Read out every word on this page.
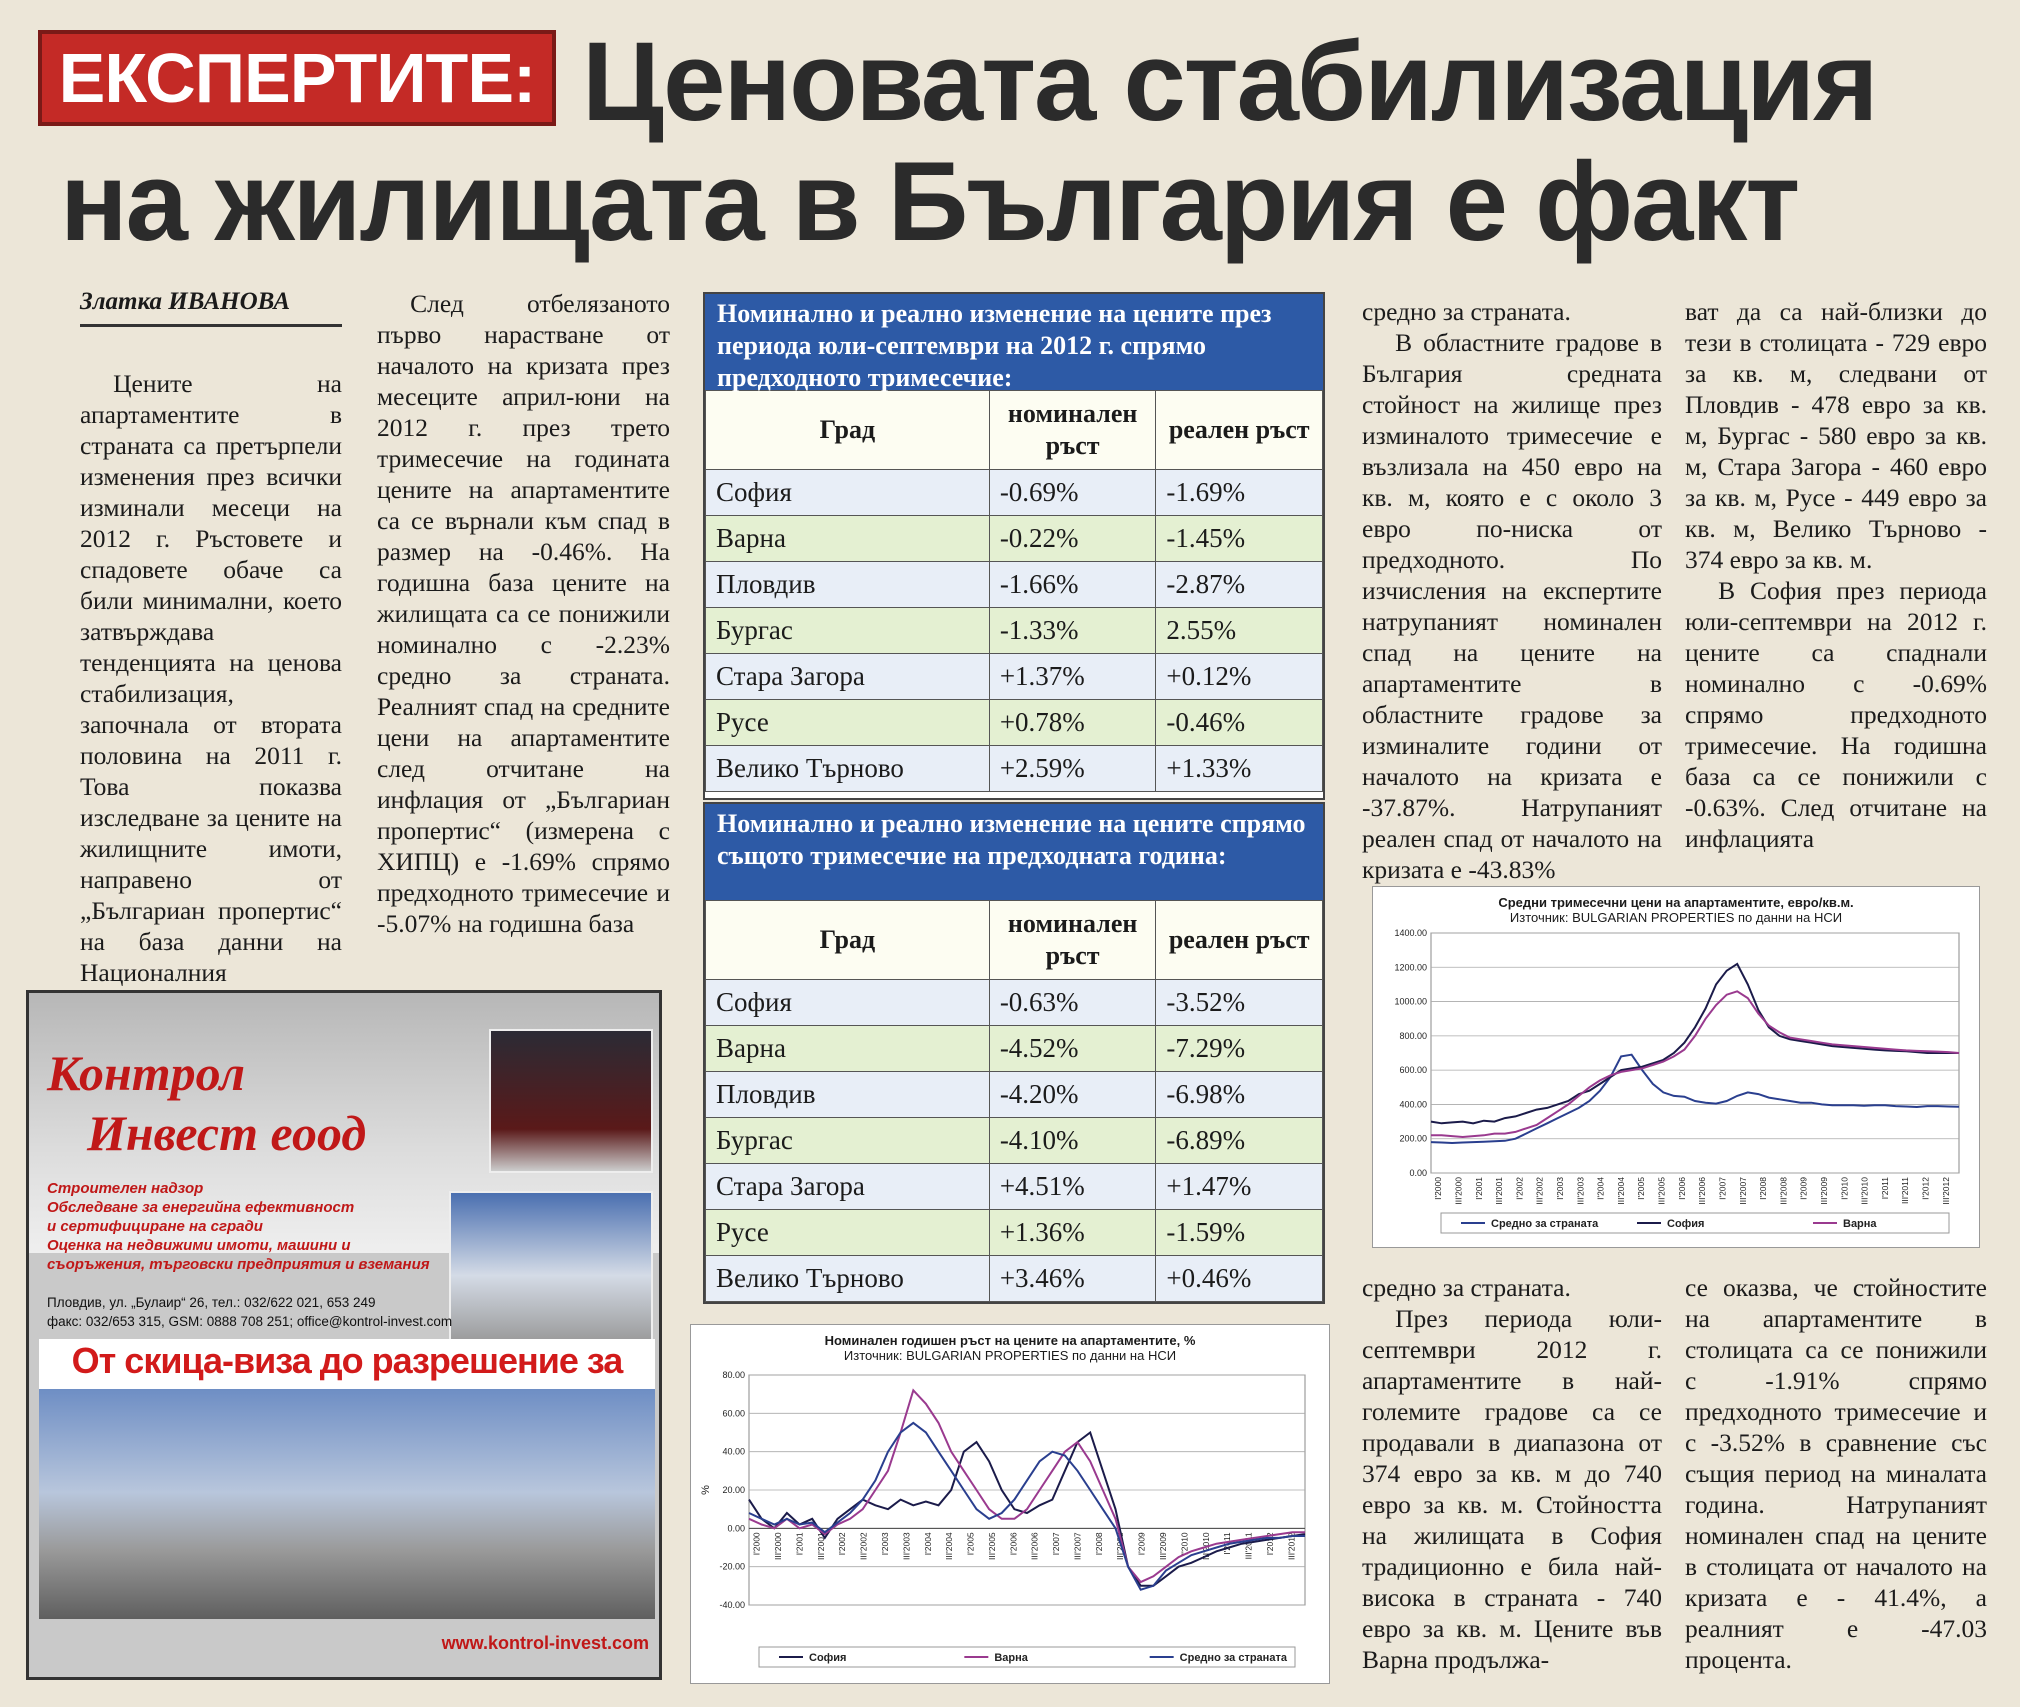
ЕКСПЕРТИТЕ: Ценовата стабилизация
на жилищата в България е факт
Златка ИВАНОВА

Цените на апартаментите в страната са претърпели изменения през всички изминали месеци на 2012 г. Ръстовете и спадовете обаче са били минимални, което затвърждава тенденцията на ценова стабилизация, започнала от втората половина на 2011 г. Това показва изследване за цените на жилищните имоти, направено от „Българиан пропертис“ на база данни на Националния

След отбелязаното първо нарастване от началото на кризата през месеците април-юни на 2012 г. през трето тримесечие на годината цените на апартаментите са се върнали към спад в размер на -0.46%. На годишна база цените на жилищата са се понижили номинално с -2.23% средно за страната. Реалният спад на средните цени на апартаментите след отчитане на инфлация от „Българиан пропертис“ (измерена с ХИПЦ) е -1.69% спрямо предходното тримесечие и -5.07% на годишна база

средно за страната.

В областните градове в България средната стойност на жилище през изминалото тримесечие е възлизала на 450 евро на кв. м, която е с около 3 евро по-ниска от предходното. По изчисления на експертите натрупаният номинален спад на цените на апартаментите в областните градове за изминалите години от началото на кризата е -37.87%. Натрупаният реален спад от началото на кризата е -43.83%

ват да са най-близки до тези в столицата - 729 евро за кв. м, следвани от Пловдив - 478 евро за кв. м, Бургас - 580 евро за кв. м, Стара Загора - 460 евро за кв. м, Русе - 449 евро за кв. м, Велико Търново - 374 евро за кв. м.

В София през периода юли-септември на 2012 г. цените са спаднали номинално с -0.69% спрямо предходното тримесечие. На годишна база са се понижили с -0.63%. След отчитане на инфлацията

средно за страната.

През периода юли-септември 2012 г. апартаментите в най-големите градове са се продавали в диапазона от 374 евро за кв. м до 740 евро за кв. м. Стойността на жилищата в София традиционно е била най-висока в страната - 740 евро за кв. м. Цените във Варна продължа-

се оказва, че стойностите на апартаментите в столицата са се понижили с -1.91% спрямо предходното тримесечие и с -3.52% в сравнение със същия период на миналата година. Натрупаният номинален спад на цените в столицата от началото на кризата е - 41.4%, а реалният е -47.03 процента.

Номинално и реално изменение на цените през периода юли-септември на 2012 г. спрямо предходното тримесечие:
Град	номинален ръст	реален ръст
София	-0.69%	-1.69%
Варна	-0.22%	-1.45%
Пловдив	-1.66%	-2.87%
Бургас	-1.33%	2.55%
Стара Загора	+1.37%	+0.12%
Русе	+0.78%	-0.46%
Велико Търново	+2.59%	+1.33%
Номинално и реално изменение на цените спрямо същото тримесечие на предходната година:
Град	номинален ръст	реален ръст
София	-0.63%	-3.52%
Варна	-4.52%	-7.29%
Пловдив	-4.20%	-6.98%
Бургас	-4.10%	-6.89%
Стара Загора	+4.51%	+1.47%
Русе	+1.36%	-1.59%
Велико Търново	+3.46%	+0.46%
Средни тримесечни цени на апартаментите, евро/кв.м.
Източник: BULGARIAN PROPERTIES по данни на НСИ
0.00
200.00
400.00
600.00
800.00
1000.00
1200.00
1400.00
I'2000 III'2000 I'2001 III'2001 I'2002 III'2002 I'2003 III'2003 I'2004 III'2004 I'2005 III'2005 I'2006 III'2006 I'2007 III'2007 I'2008 III'2008 I'2009 III'2009 I'2010 III'2010 I'2011 III'2011 I'2012 III'2012
Средно за страната	София	Варна
Номинален годишен ръст на цените на апартаментите, %
Източник: BULGARIAN PROPERTIES по данни на НСИ
-40.00
-20.00
0.00
20.00
40.00
60.00
80.00
%
I'2000 III'2000 I'2001 III'2001 I'2002 III'2002 I'2003 III'2003 I'2004 III'2004 I'2005 III'2005 I'2006 III'2006 I'2007 III'2007 I'2008 III'2008 I'2009 III'2009 I'2010 III'2010 I'2011 III'2011 I'2012 III'2012
София	Варна	Средно за страната
Контрол
Инвест еоод
Строителен надзор
Обследване за енергийна ефективност
и сертифициране на сгради
Оценка на недвижими имоти, машини и
съоръжения, търговски предприятия и вземания
Пловдив, ул. „Булаир“ 26, тел.: 032/622 021, 653 249
факс: 032/653 315, GSM: 0888 708 251; office@kontrol-invest.com
От скица-виза до разрешение за
www.kontrol-invest.com
